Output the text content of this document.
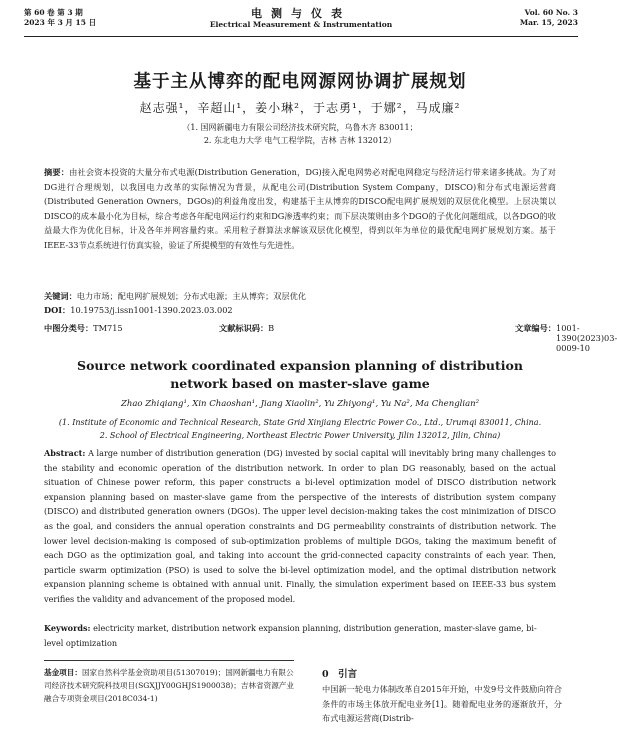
第 60 卷 第 3 期
2023 年 3 月 15 日
电测与仪表
Electrical Measurement & Instrumentation
Vol. 60 No. 3
Mar. 15, 2023
基于主从博弈的配电网源网协调扩展规划
赵志强¹，辛超山¹，姜小琳²，于志勇¹，于娜²，马成廉²
（1. 国网新疆电力有限公司经济技术研究院，乌鲁木齐 830011；
2. 东北电力大学 电气工程学院，吉林 吉林 132012）
摘要：由社会资本投资的大量分布式电源(Distribution Generation，DG)接入配电网势必对配电网稳定与经济运行带来诸多挑战。为了对DG进行合理规划，以我国电力改革的实际情况为背景，从配电公司(Distribution System Company，DISCO)和分布式电源运营商(Distributed Generation Owners，DGOs)的利益角度出发，构建基于主从博弈的DISCO配电网扩展规划的双层优化模型。上层决策以DISCO的成本最小化为目标，综合考虑各年配电网运行约束和DG渗透率约束；而下层决策则由多个DGO的子优化问题组成，以各DGO的收益最大作为优化目标，计及各年并网容量约束。采用粒子群算法求解该双层优化模型，得到以年为单位的最优配电网扩展规划方案。基于IEEE-33节点系统进行仿真实验，验证了所提模型的有效性与先进性。
关键词：电力市场；配电网扩展规划；分布式电源；主从博弈；双层优化
DOI：10.19753/j.issn1001-1390.2023.03.002
中图分类号： TM715	文献标识码： B	文章编号： 1001-1390(2023)03-0009-10
Source network coordinated expansion planning of distribution
network based on master-slave game
Zhao Zhiqiang¹, Xin Chaoshan¹, Jiang Xiaolin², Yu Zhiyong¹, Yu Na², Ma Chenglian²
(1. Institute of Economic and Technical Research, State Grid Xinjiang Electric Power Co., Ltd., Urumqi 830011, China.
2. School of Electrical Engineering, Northeast Electric Power University, Jilin 132012, Jilin, China)
Abstract: A large number of distribution generation (DG) invested by social capital will inevitably bring many challenges to the stability and economic operation of the distribution network. In order to plan DG reasonably, based on the actual situation of Chinese power reform, this paper constructs a bi-level optimization model of DISCO distribution network expansion planning based on master-slave game from the perspective of the interests of distribution system company (DISCO) and distributed generation owners (DGOs). The upper level decision-making takes the cost minimization of DISCO as the goal, and considers the annual operation constraints and DG permeability constraints of distribution network. The lower level decision-making is composed of sub-optimization problems of multiple DGOs, taking the maximum benefit of each DGO as the optimization goal, and taking into account the grid-connected capacity constraints of each year. Then, particle swarm optimization (PSO) is used to solve the bi-level optimization model, and the optimal distribution network expansion planning scheme is obtained with annual unit. Finally, the simulation experiment based on IEEE-33 bus system verifies the validity and advancement of the proposed model.
Keywords: electricity market, distribution network expansion planning, distribution generation, master-slave game, bi-level optimization
基金项目：国家自然科学基金资助项目(51307019)；国网新疆电力有限公司经济技术研究院科技项目(SGXJJY00GHJS1900038)；吉林省资源产业融合专项资金项目(2018C034-1)
0　引言
中国新一轮电力体制改革自2015年开始，中发9号文件鼓励向符合条件的市场主体放开配电业务[1]。随着配电业务的逐渐放开，分布式电源运营商(Distrib-
